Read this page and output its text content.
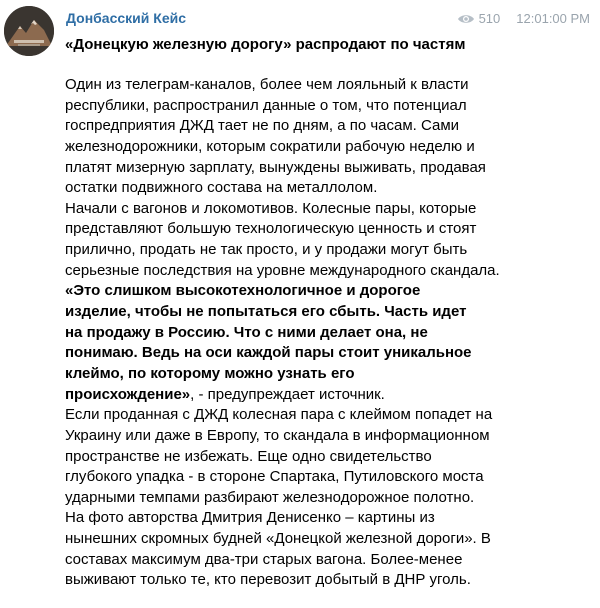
Донбасский Кейс	510 12:01:00 PM
«Донецкую железную дорогу» распродают по частям
Один из телеграм-каналов, более чем лояльный к власти
республики, распространил данные о том, что потенциал
госпредприятия ДЖД тает не по дням, а по часам. Сами
железнодорожники, которым сократили рабочую неделю и
платят мизерную зарплату, вынуждены выживать, продавая
остатки подвижного состава на металлолом.
Начали с вагонов и локомотивов. Колесные пары, которые
представляют большую технологическую ценность и стоят
прилично, продать не так просто, и у продажи могут быть
серьезные последствия на уровне международного скандала.
«Это слишком высокотехнологичное и дорогое
изделие, чтобы не попытаться его сбыть. Часть идет
на продажу в Россию. Что с ними делает она, не
понимаю. Ведь на оси каждой пары стоит уникальное
клеймо, по которому можно узнать его
происхождение», - предупреждает источник.
Если проданная с ДЖД колесная пара с клеймом попадет на
Украину или даже в Европу, то скандала в информационном
пространстве не избежать. Еще одно свидетельство
глубокого упадка - в стороне Спартака, Путиловского моста
ударными темпами разбирают железнодорожное полотно.
На фото авторства Дмитрия Денисенко – картины из
нынешних скромных будней «Донецкой железной дороги». В
составах максимум два-три старых вагона. Более-менее
выживают только те, кто перевозит добытый в ДНР уголь.
